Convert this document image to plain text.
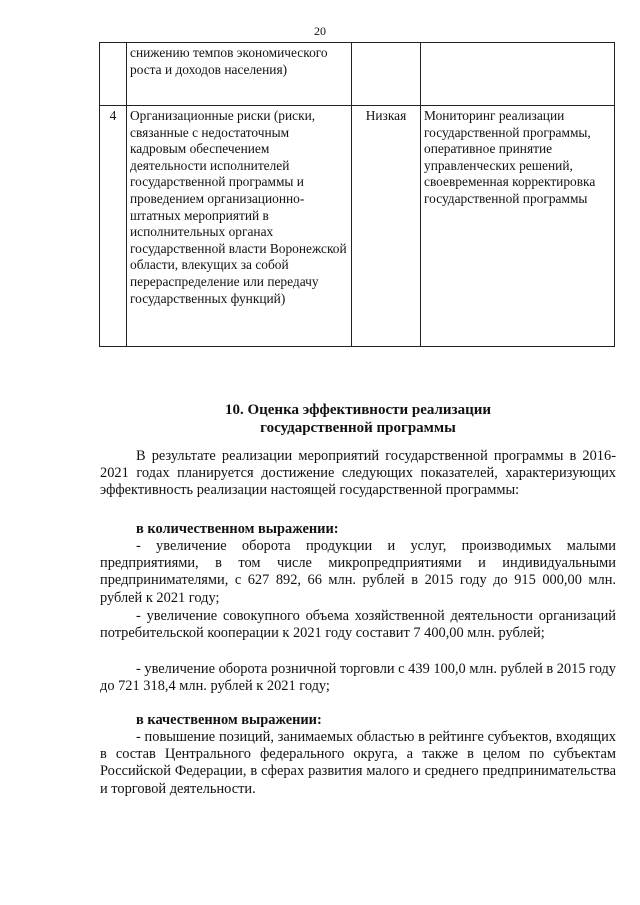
20
	снижению темпов экономического роста и доходов населения)		
4	Организационные риски (риски, связанные с недостаточным кадровым обеспечением деятельности исполнителей государственной программы и проведением организационно-штатных мероприятий в исполнительных органах государственной власти Воронежской области, влекущих за собой перераспределение или передачу государственных функций)	Низкая	Мониторинг реализации государственной программы, оперативное принятие управленческих решений, своевременная корректировка государственной программы
10. Оценка эффективности реализации
государственной программы

В результате реализации мероприятий государственной программы в 2016-2021 годах планируется достижение следующих показателей, характеризующих эффективность реализации настоящей государственной программы:

в количественном выражении:

- увеличение оборота продукции и услуг, производимых малыми предприятиями, в том числе микропредприятиями и индивидуальными предпринимателями, с 627 892, 66 млн. рублей в 2015 году до 915 000,00 млн. рублей к 2021 году;

- увеличение совокупного объема хозяйственной деятельности организаций потребительской кооперации к 2021 году составит 7 400,00 млн. рублей;

- увеличение оборота розничной торговли с 439 100,0 млн. рублей в 2015 году до 721 318,4 млн. рублей к 2021 году;

в качественном выражении:

- повышение позиций, занимаемых областью в рейтинге субъектов, входящих в состав Центрального федерального округа, а также в целом по субъектам Российской Федерации, в сферах развития малого и среднего предпринимательства и торговой деятельности.
